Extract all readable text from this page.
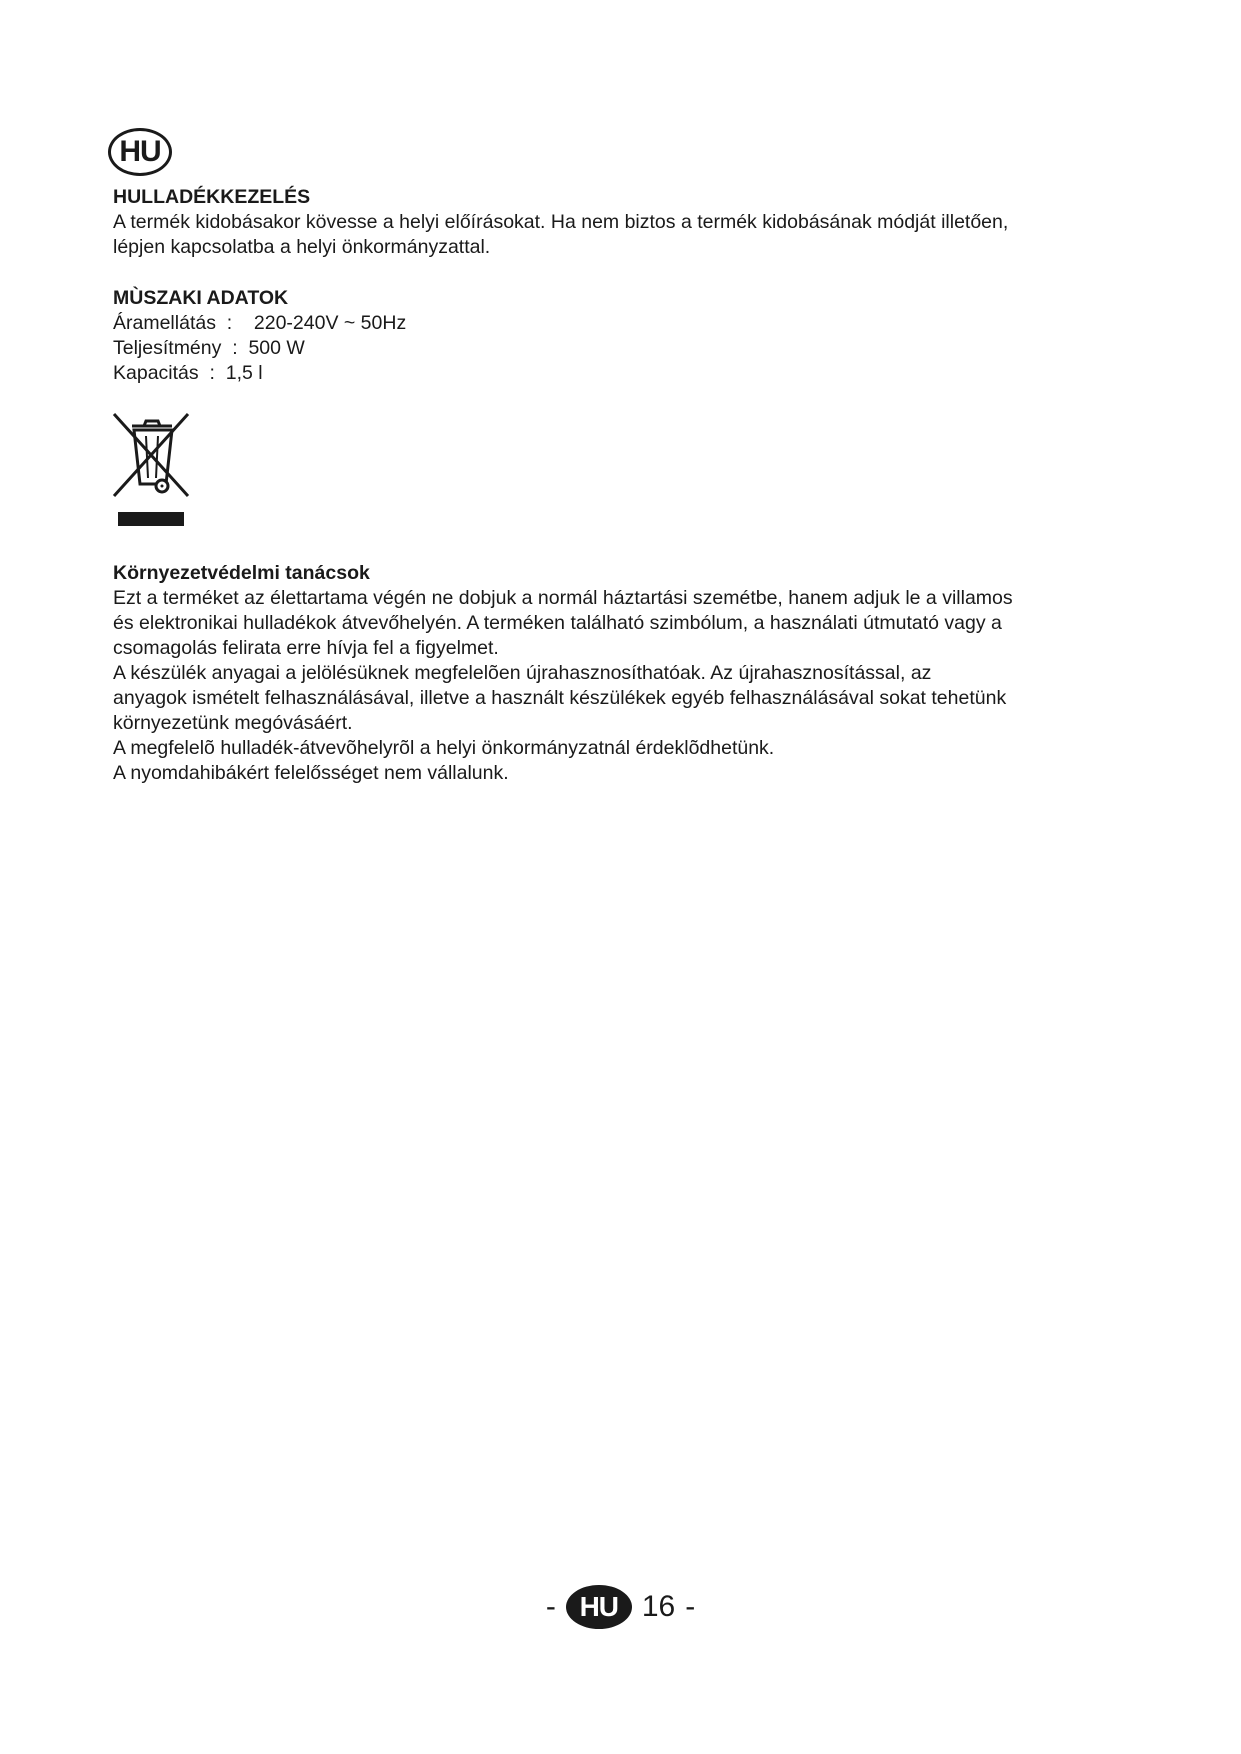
HU
HULLADÉKKEZELÉS

A termék kidobásakor kövesse a helyi előírásokat. Ha nem biztos a termék kidobásának módját illetően,

lépjen kapcsolatba a helyi önkormányzattal.

MÙSZAKI ADATOK
Áramellátás  :    220-240V ~ 50Hz
Teljesítmény  :  500 W
Kapacitás  :  1,5 l
Környezetvédelmi tanácsok

Ezt a terméket az élettartama végén ne dobjuk a normál háztartási szemétbe, hanem adjuk le a villamos

és elektronikai hulladékok átvevőhelyén. A terméken található szimbólum, a használati útmutató vagy a

csomagolás felirata erre hívja fel a figyelmet.

A készülék anyagai a jelölésüknek megfelelõen újrahasznosíthatóak. Az újrahasznosítással, az

anyagok ismételt felhasználásával, illetve a használt készülékek egyéb felhasználásával sokat tehetünk

környezetünk megóvásáért.

A megfelelõ hulladék-átvevõhelyrõl a helyi önkormányzatnál érdeklõdhetünk.

A nyomdahibákért felelősséget nem vállalunk.

- HU 16 -
